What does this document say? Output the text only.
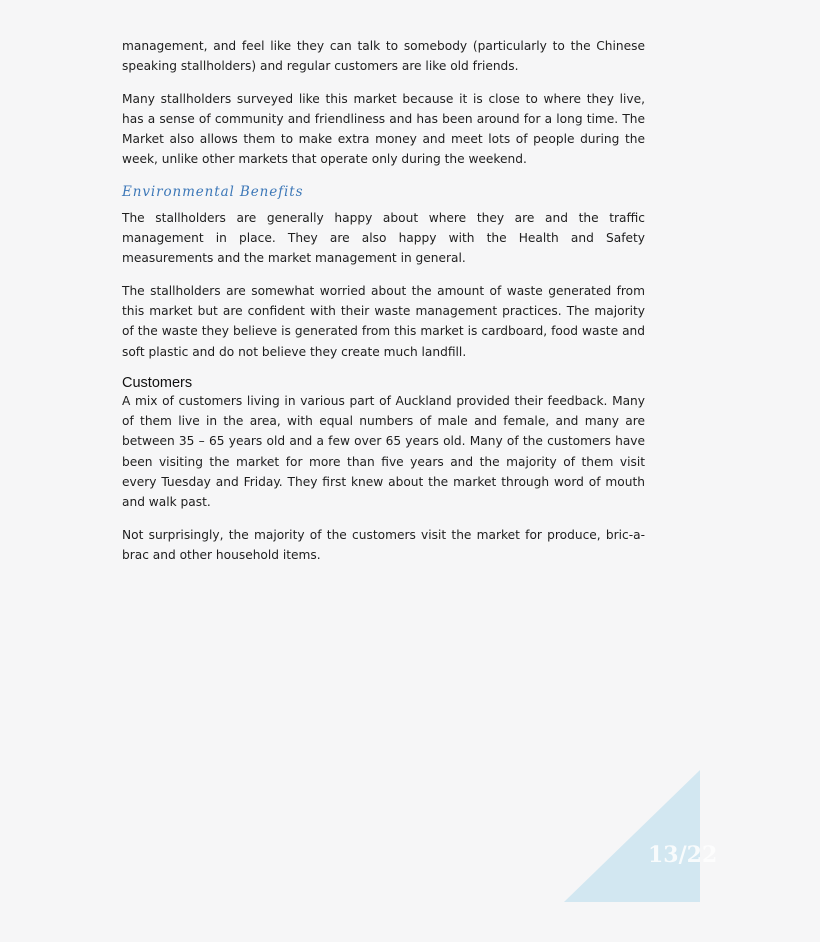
management, and feel like they can talk to somebody (particularly to the Chinese speaking stallholders) and regular customers are like old friends.

Many stallholders surveyed like this market because it is close to where they live, has a sense of community and friendliness and has been around for a long time. The Market also allows them to make extra money and meet lots of people during the week, unlike other markets that operate only during the weekend.

Environmental Benefits

The stallholders are generally happy about where they are and the traffic management in place. They are also happy with the Health and Safety measurements and the market management in general.

The stallholders are somewhat worried about the amount of waste generated from this market but are confident with their waste management practices. The majority of the waste they believe is generated from this market is cardboard, food waste and soft plastic and do not believe they create much landfill.

Customers

A mix of customers living in various part of Auckland provided their feedback. Many of them live in the area, with equal numbers of male and female, and many are between 35 – 65 years old and a few over 65 years old. Many of the customers have been visiting the market for more than five years and the majority of them visit every Tuesday and Friday. They first knew about the market through word of mouth and walk past.

Not surprisingly, the majority of the customers visit the market for produce, bric-a-brac and other household items.

13/22
